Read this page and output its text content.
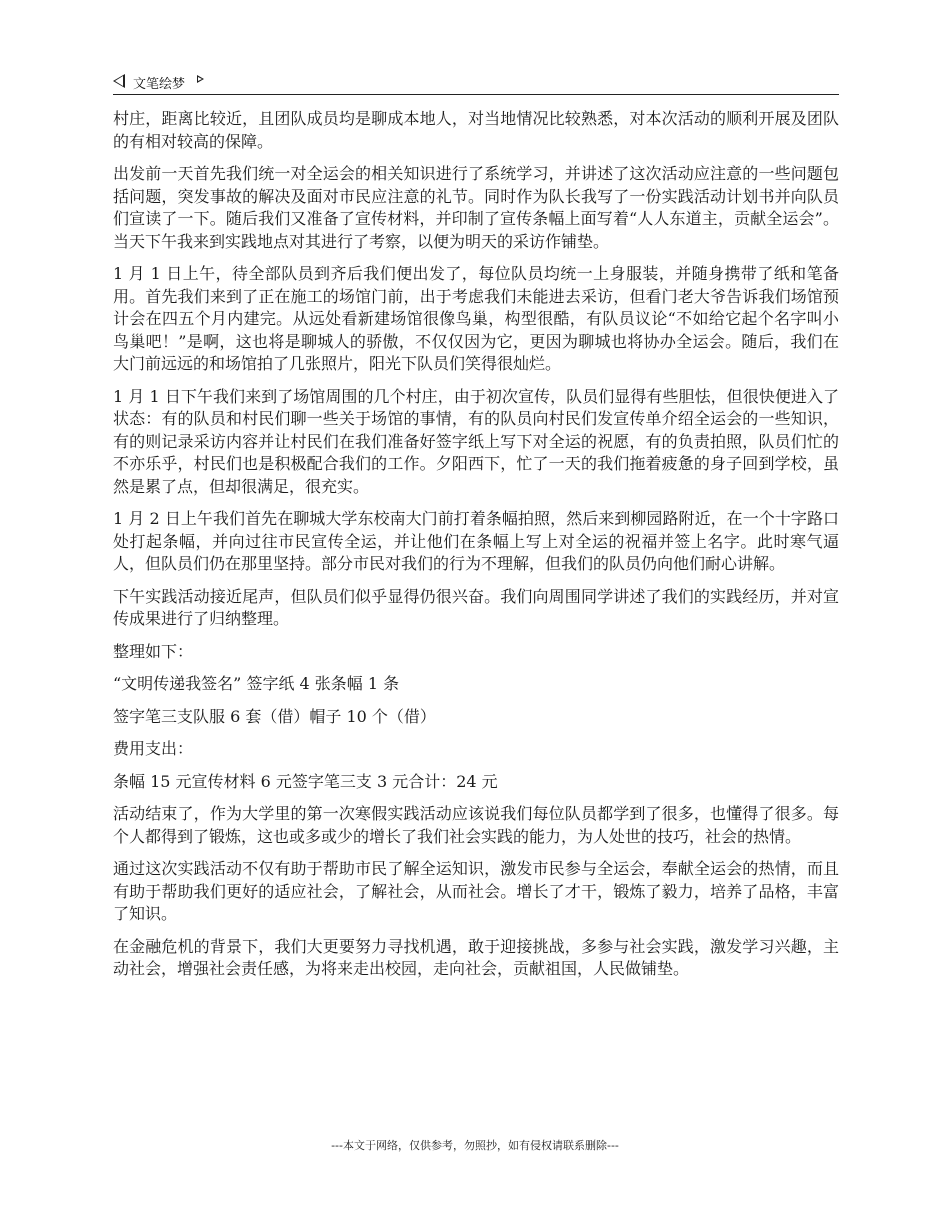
文笔绘梦

村庄，距离比较近，且团队成员均是聊成本地人，对当地情况比较熟悉，对本次活动的顺利开展及团队的有相对较高的保障。

出发前一天首先我们统一对全运会的相关知识进行了系统学习，并讲述了这次活动应注意的一些问题包括问题，突发事故的解决及面对市民应注意的礼节。同时作为队长我写了一份实践活动计划书并向队员们宣读了一下。随后我们又准备了宣传材料，并印制了宣传条幅上面写着“人人东道主，贡献全运会”。当天下午我来到实践地点对其进行了考察，以便为明天的采访作铺垫。

1 月 1 日上午，待全部队员到齐后我们便出发了，每位队员均统一上身服装，并随身携带了纸和笔备用。首先我们来到了正在施工的场馆门前，出于考虑我们未能进去采访，但看门老大爷告诉我们场馆预计会在四五个月内建完。从远处看新建场馆很像鸟巢，构型很酷，有队员议论“不如给它起个名字叫小鸟巢吧！”是啊，这也将是聊城人的骄傲，不仅仅因为它，更因为聊城也将协办全运会。随后，我们在大门前远远的和场馆拍了几张照片，阳光下队员们笑得很灿烂。

1 月 1 日下午我们来到了场馆周围的几个村庄，由于初次宣传，队员们显得有些胆怯，但很快便进入了状态：有的队员和村民们聊一些关于场馆的事情，有的队员向村民们发宣传单介绍全运会的一些知识，有的则记录采访内容并让村民们在我们准备好签字纸上写下对全运的祝愿，有的负责拍照，队员们忙的不亦乐乎，村民们也是积极配合我们的工作。夕阳西下，忙了一天的我们拖着疲惫的身子回到学校，虽然是累了点，但却很满足，很充实。

1 月 2 日上午我们首先在聊城大学东校南大门前打着条幅拍照，然后来到柳园路附近，在一个十字路口处打起条幅，并向过往市民宣传全运，并让他们在条幅上写上对全运的祝福并签上名字。此时寒气逼人，但队员们仍在那里坚持。部分市民对我们的行为不理解，但我们的队员仍向他们耐心讲解。

下午实践活动接近尾声，但队员们似乎显得仍很兴奋。我们向周围同学讲述了我们的实践经历，并对宣传成果进行了归纳整理。

整理如下：

“文明传递我签名” 签字纸 4 张条幅 1 条

签字笔三支队服 6 套（借）帽子 10 个（借）

费用支出：

条幅 15 元宣传材料 6 元签字笔三支 3 元合计：24 元

活动结束了，作为大学里的第一次寒假实践活动应该说我们每位队员都学到了很多，也懂得了很多。每个人都得到了锻炼，这也或多或少的增长了我们社会实践的能力，为人处世的技巧，社会的热情。

通过这次实践活动不仅有助于帮助市民了解全运知识，激发市民参与全运会，奉献全运会的热情，而且有助于帮助我们更好的适应社会，了解社会，从而社会。增长了才干，锻炼了毅力，培养了品格，丰富了知识。

在金融危机的背景下，我们大更要努力寻找机遇，敢于迎接挑战，多参与社会实践，激发学习兴趣，主动社会，增强社会责任感，为将来走出校园，走向社会，贡献祖国，人民做铺垫。

---本文于网络，仅供参考，勿照抄，如有侵权请联系删除---
